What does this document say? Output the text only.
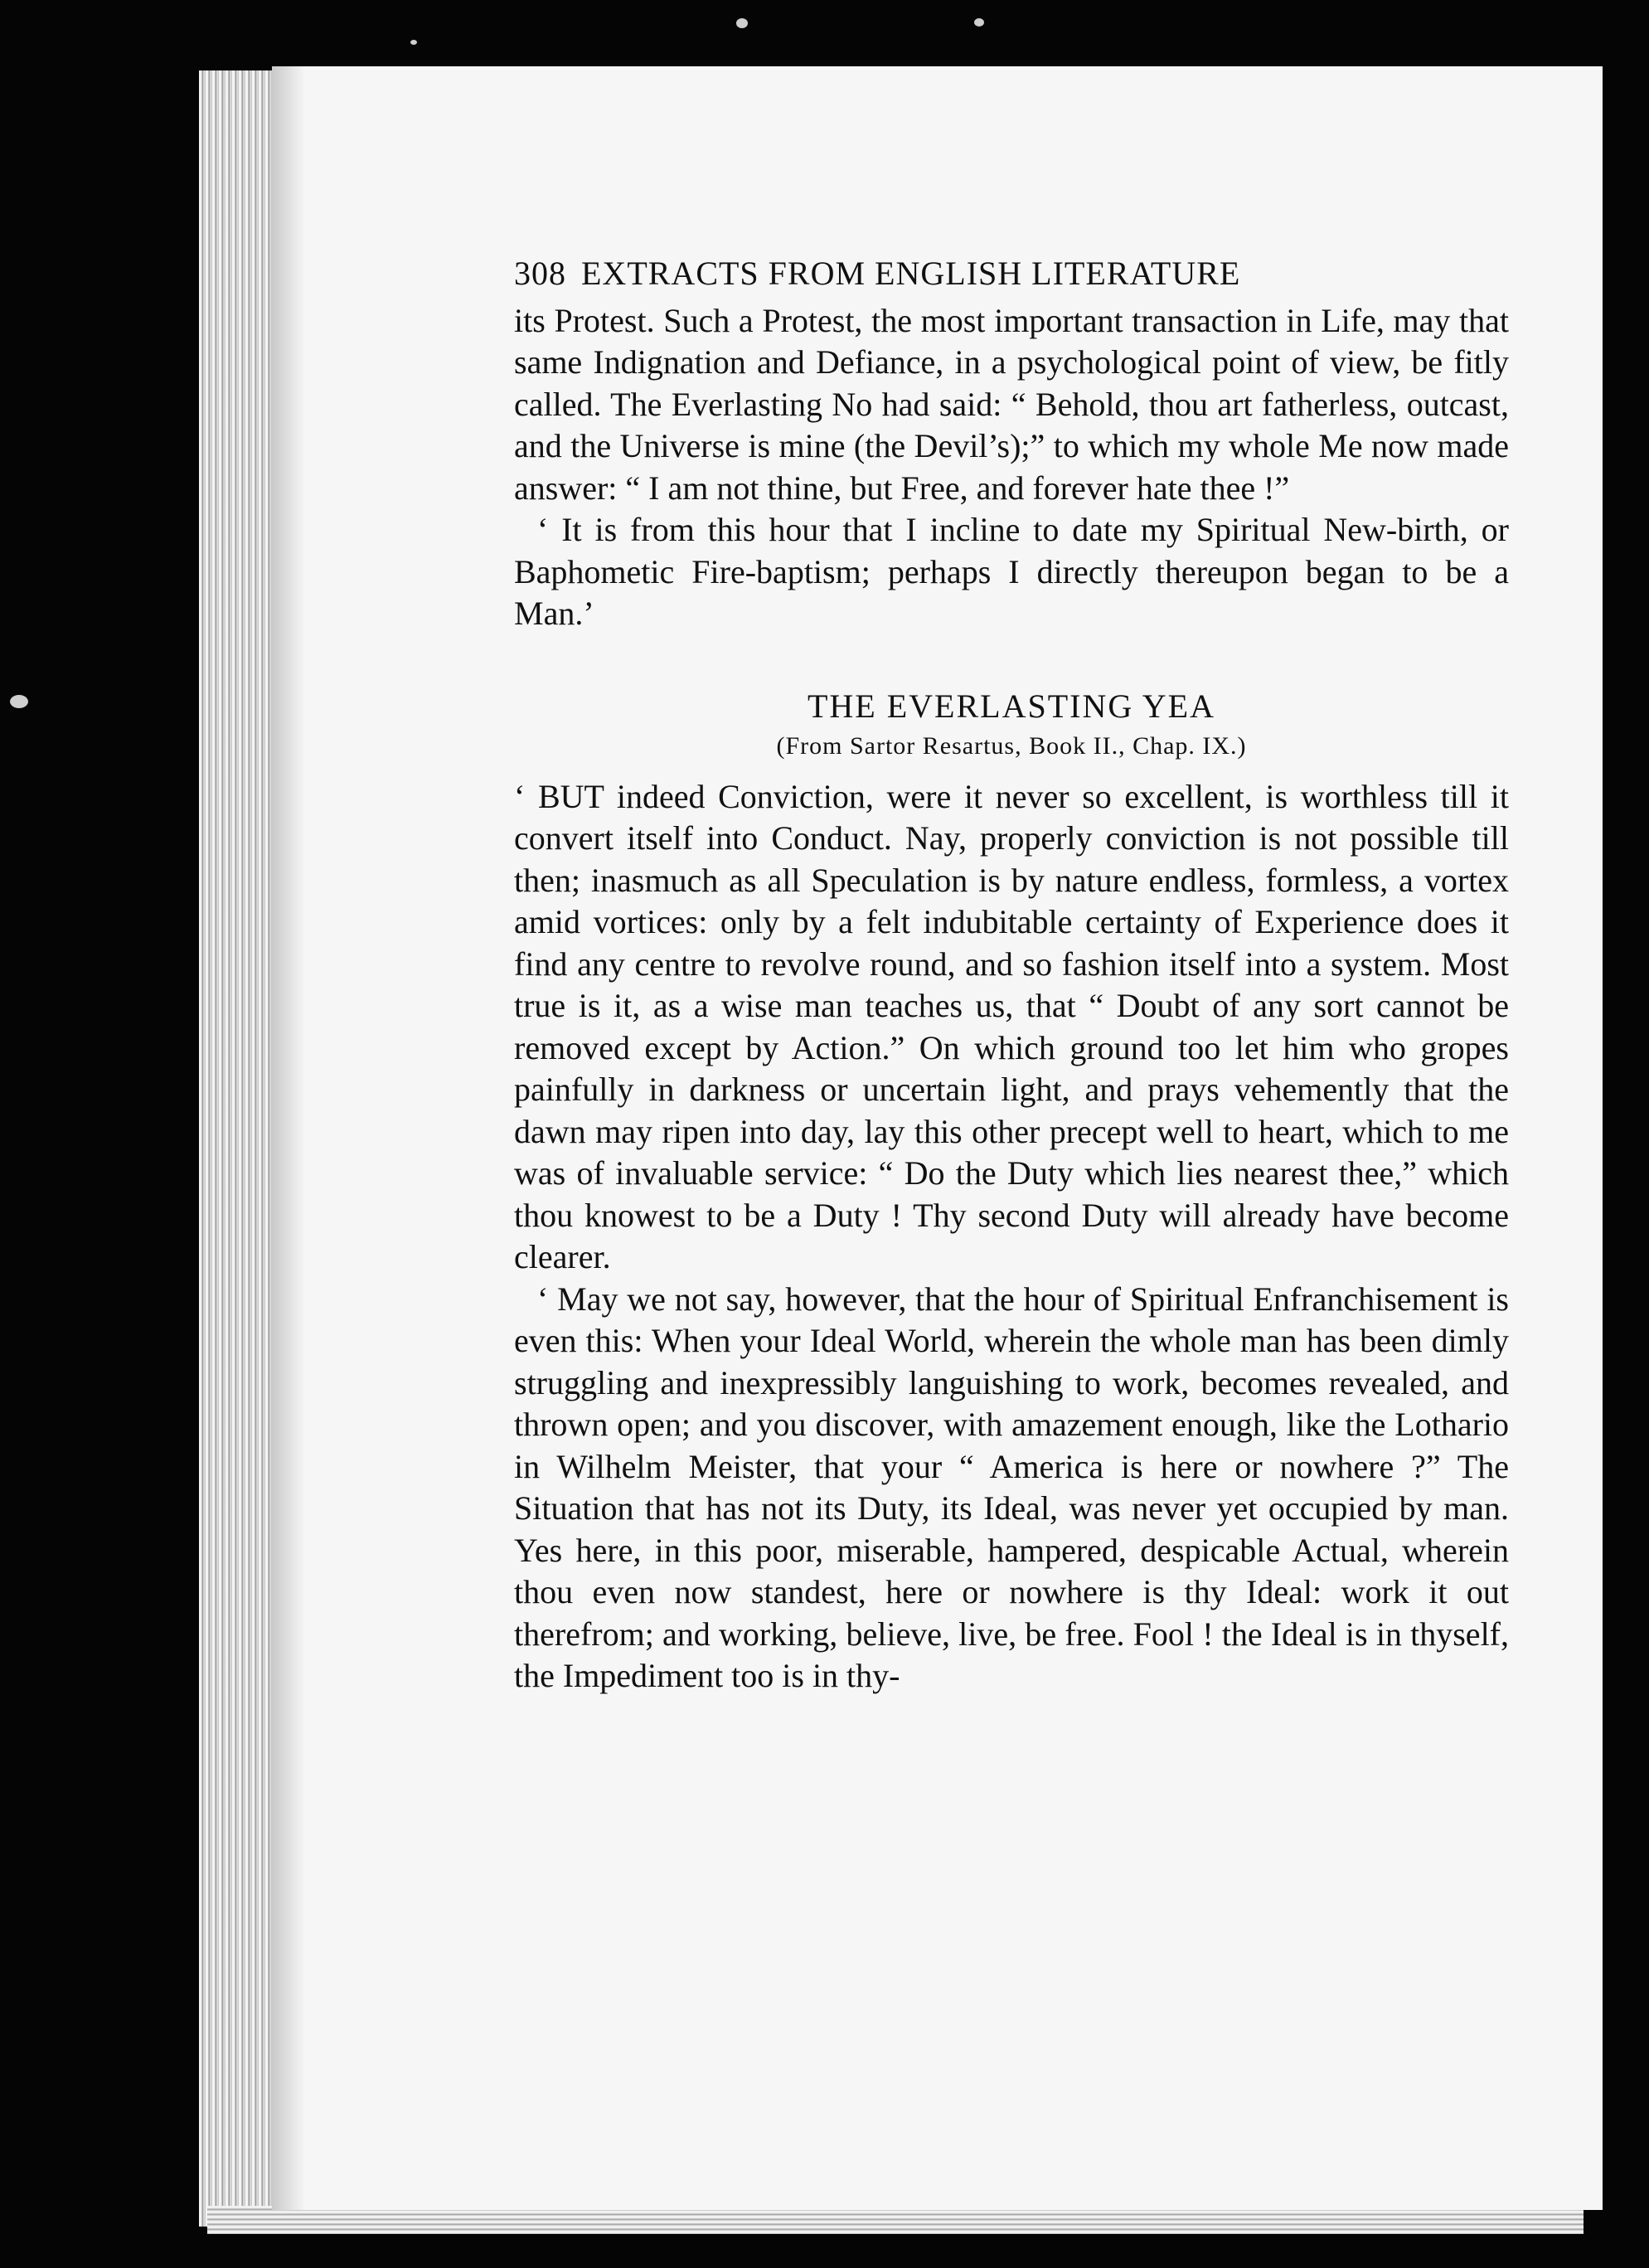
308 EXTRACTS FROM ENGLISH LITERATURE

its Protest. Such a Protest, the most important transaction in Life, may that same Indignation and Defiance, in a psychological point of view, be fitly called. The Everlasting No had said: “ Behold, thou art fatherless, outcast, and the Universe is mine (the Devil’s);” to which my whole Me now made answer: “ I am not thine, but Free, and forever hate thee !”

‘ It is from this hour that I incline to date my Spiritual New-birth, or Baphometic Fire-baptism; perhaps I directly thereupon began to be a Man.’

THE EVERLASTING YEA
(From Sartor Resartus, Book II., Chap. IX.)

‘ BUT indeed Conviction, were it never so excellent, is worthless till it convert itself into Conduct. Nay, properly conviction is not possible till then; inasmuch as all Speculation is by nature endless, formless, a vortex amid vortices: only by a felt indubitable certainty of Experience does it find any centre to revolve round, and so fashion itself into a system. Most true is it, as a wise man teaches us, that “ Doubt of any sort cannot be removed except by Action.” On which ground too let him who gropes painfully in darkness or uncertain light, and prays vehemently that the dawn may ripen into day, lay this other precept well to heart, which to me was of invaluable service: “ Do the Duty which lies nearest thee,” which thou knowest to be a Duty ! Thy second Duty will already have become clearer.

‘ May we not say, however, that the hour of Spiritual Enfranchisement is even this: When your Ideal World, wherein the whole man has been dimly struggling and inexpressibly languishing to work, becomes revealed, and thrown open; and you discover, with amazement enough, like the Lothario in Wilhelm Meister, that your “ America is here or nowhere ?” The Situation that has not its Duty, its Ideal, was never yet occupied by man. Yes here, in this poor, miserable, hampered, despicable Actual, wherein thou even now standest, here or nowhere is thy Ideal: work it out therefrom; and working, believe, live, be free. Fool ! the Ideal is in thyself, the Impediment too is in thy-
